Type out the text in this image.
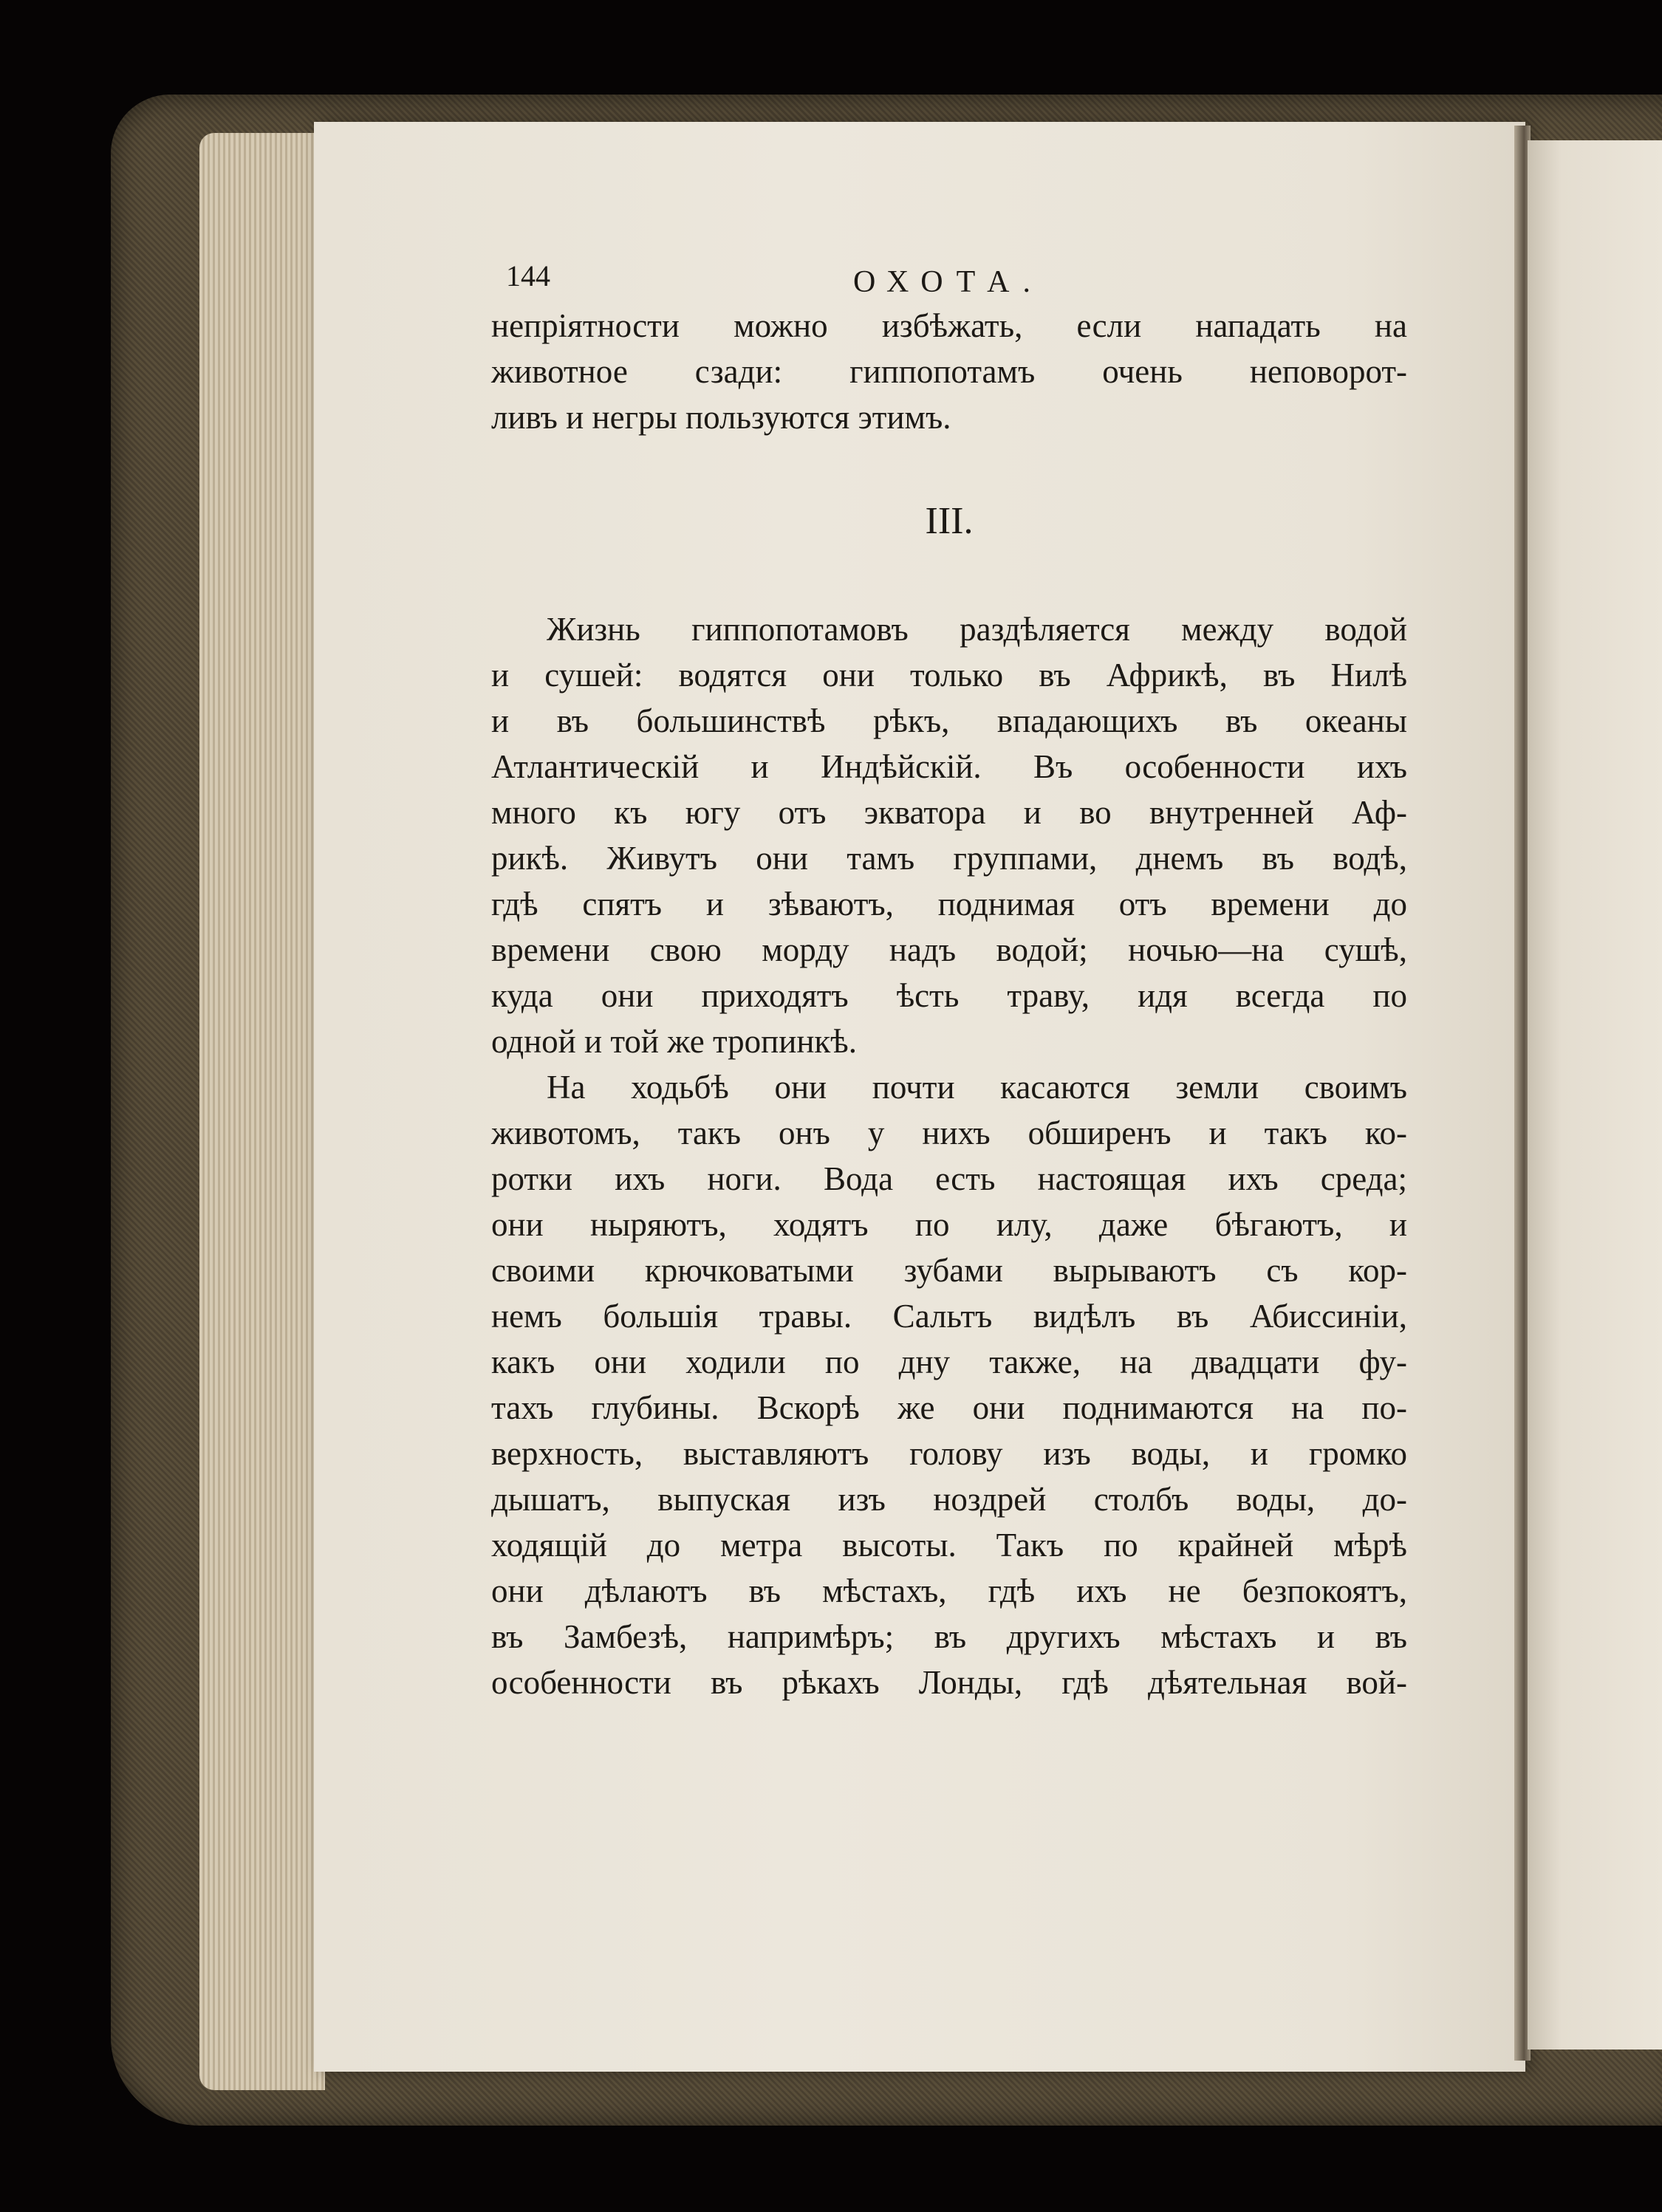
144	ОХОТА.
непріятности можно избѣжать, если нападать на
животное сзади: гиппопотамъ очень неповорот-
ливъ и негры пользуются этимъ.
III.
Жизнь гиппопотамовъ раздѣляется между водой
и сушей: водятся они только въ Африкѣ, въ Нилѣ
и въ большинствѣ рѣкъ, впадающихъ въ океаны
Атлантическій и Индѣйскій. Въ особенности ихъ
много къ югу отъ экватора и во внутренней Аф-
рикѣ. Живутъ они тамъ группами, днемъ въ водѣ,
гдѣ спятъ и зѣваютъ, поднимая отъ времени до
времени свою морду надъ водой; ночью—на сушѣ,
куда они приходятъ ѣсть траву, идя всегда по
одной и той же тропинкѣ.
На ходьбѣ они почти касаются земли своимъ
животомъ, такъ онъ у нихъ обширенъ и такъ ко-
ротки ихъ ноги. Вода есть настоящая ихъ среда;
они ныряютъ, ходятъ по илу, даже бѣгаютъ, и
своими крючковатыми зубами вырываютъ съ кор-
немъ большія травы. Сальтъ видѣлъ въ Абиссиніи,
какъ они ходили по дну также, на двадцати фу-
тахъ глубины. Вскорѣ же они поднимаются на по-
верхность, выставляютъ голову изъ воды, и громко
дышатъ, выпуская изъ ноздрей столбъ воды, до-
ходящій до метра высоты. Такъ по крайней мѣрѣ
они дѣлаютъ въ мѣстахъ, гдѣ ихъ не безпокоятъ,
въ Замбезѣ, напримѣръ; въ другихъ мѣстахъ и въ
особенности въ рѣкахъ Лонды, гдѣ дѣятельная вой-
